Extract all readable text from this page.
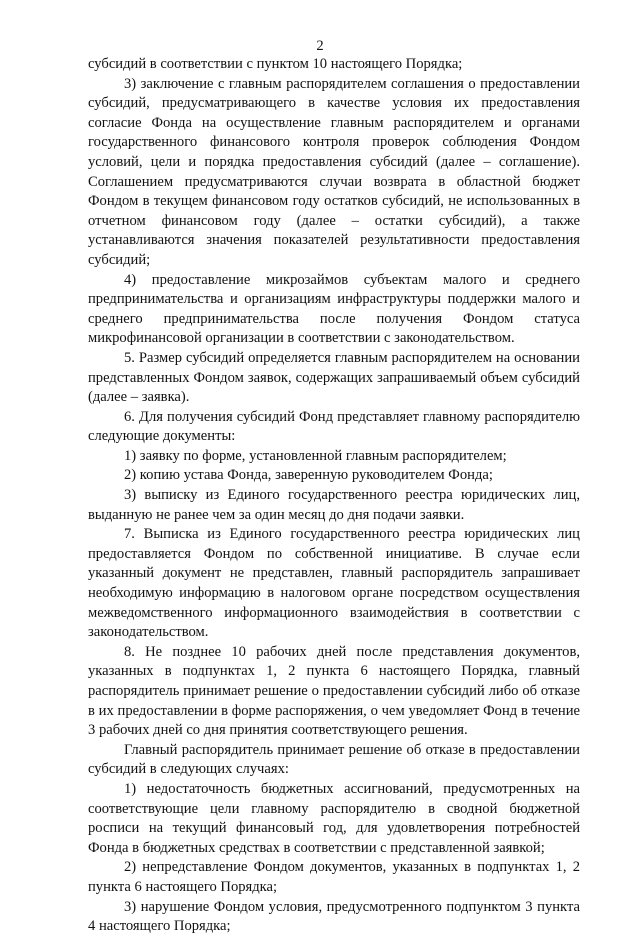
2

субсидий в соответствии с пунктом 10 настоящего Порядка;

3) заключение с главным распорядителем соглашения о предоставлении субсидий, предусматривающего в качестве условия их предоставления согласие Фонда на осуществление главным распорядителем и органами государственного финансового контроля проверок соблюдения Фондом условий, цели и порядка предоставления субсидий (далее – соглашение). Соглашением предусматриваются случаи возврата в областной бюджет Фондом в текущем финансовом году остатков субсидий, не использованных в отчетном финансовом году (далее – остатки субсидий), а также устанавливаются значения показателей результативности предоставления субсидий;

4) предоставление микрозаймов субъектам малого и среднего предпринимательства и организациям инфраструктуры поддержки малого и среднего предпринимательства после получения Фондом статуса микрофинансовой организации в соответствии с законодательством.

5. Размер субсидий определяется главным распорядителем на основании представленных Фондом заявок, содержащих запрашиваемый объем субсидий (далее – заявка).

6. Для получения субсидий Фонд представляет главному распорядителю следующие документы:

1) заявку по форме, установленной главным распорядителем;

2) копию устава Фонда, заверенную руководителем Фонда;

3) выписку из Единого государственного реестра юридических лиц, выданную не ранее чем за один месяц до дня подачи заявки.

7. Выписка из Единого государственного реестра юридических лиц предоставляется Фондом по собственной инициативе. В случае если указанный документ не представлен, главный распорядитель запрашивает необходимую информацию в налоговом органе посредством осуществления межведомственного информационного взаимодействия в соответствии с законодательством.

8. Не позднее 10 рабочих дней после представления документов, указанных в подпунктах 1, 2 пункта 6 настоящего Порядка, главный распорядитель принимает решение о предоставлении субсидий либо об отказе в их предоставлении в форме распоряжения, о чем уведомляет Фонд в течение 3 рабочих дней со дня принятия соответствующего решения.

Главный распорядитель принимает решение об отказе в предоставлении субсидий в следующих случаях:

1) недостаточность бюджетных ассигнований, предусмотренных на соответствующие цели главному распорядителю в сводной бюджетной росписи на текущий финансовый год, для удовлетворения потребностей Фонда в бюджетных средствах в соответствии с представленной заявкой;

2) непредставление Фондом документов, указанных в подпунктах 1, 2 пункта 6 настоящего Порядка;

3) нарушение Фондом условия, предусмотренного подпунктом 3 пункта 4 настоящего Порядка;
